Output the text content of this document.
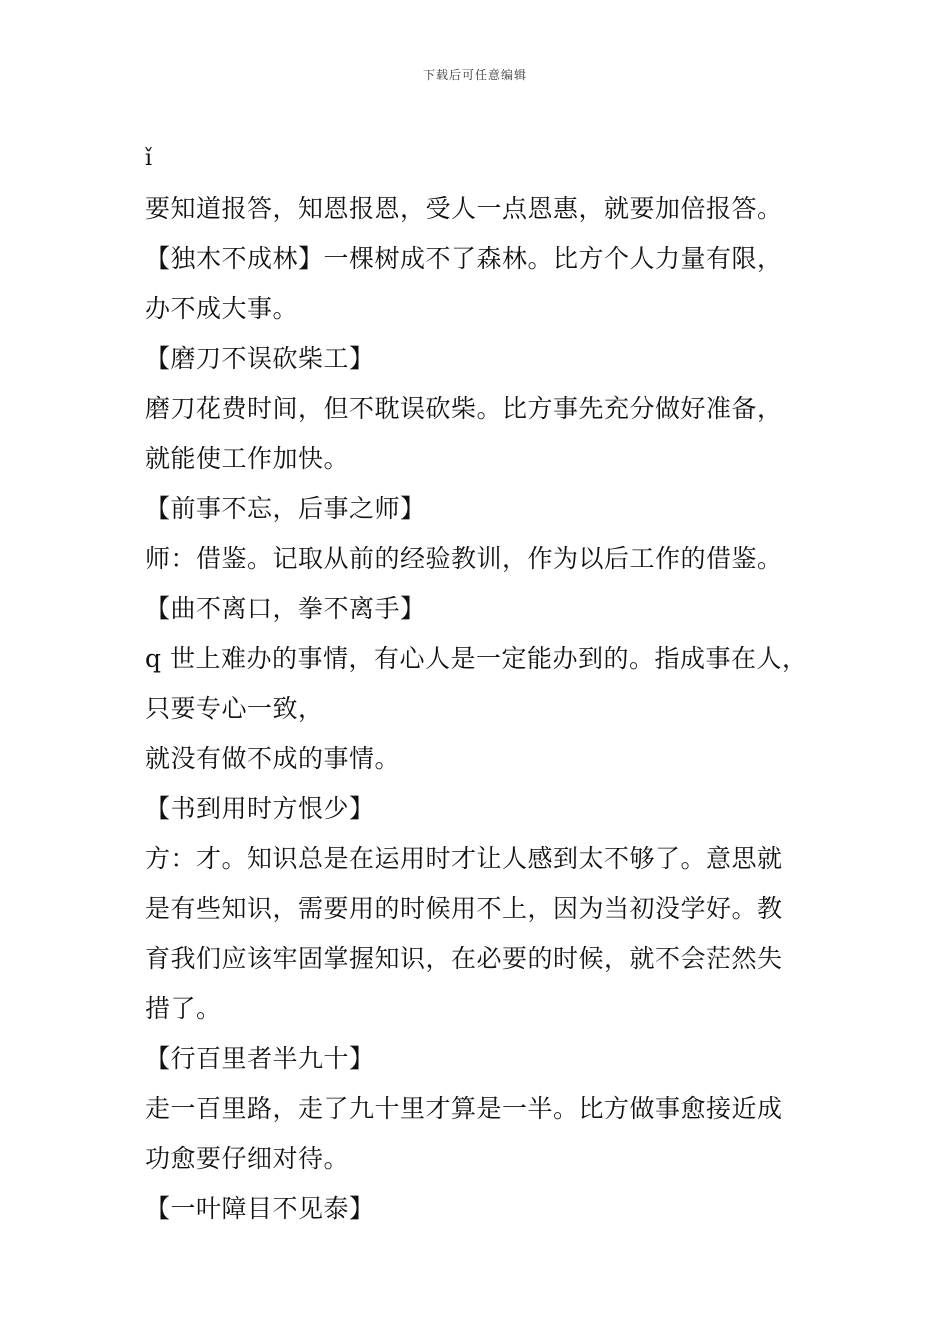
下载后可任意编辑
ǐ
要知道报答，知恩报恩，受人一点恩惠，就要加倍报答。
【独木不成林】一棵树成不了森林。比方个人力量有限，
办不成大事。
【磨刀不误砍柴工】
磨刀花费时间，但不耽误砍柴。比方事先充分做好准备，
就能使工作加快。
【前事不忘，后事之师】
师：借鉴。记取从前的经验教训，作为以后工作的借鉴。
【曲不离口，拳不离手】
q 世上难办的事情，有心人是一定能办到的。指成事在人，
只要专心一致，
就没有做不成的事情。
【书到用时方恨少】
方：才。知识总是在运用时才让人感到太不够了。意思就
是有些知识，需要用的时候用不上，因为当初没学好。教
育我们应该牢固掌握知识，在必要的时候，就不会茫然失
措了。
【行百里者半九十】
走一百里路，走了九十里才算是一半。比方做事愈接近成
功愈要仔细对待。
【一叶障目不见泰】
